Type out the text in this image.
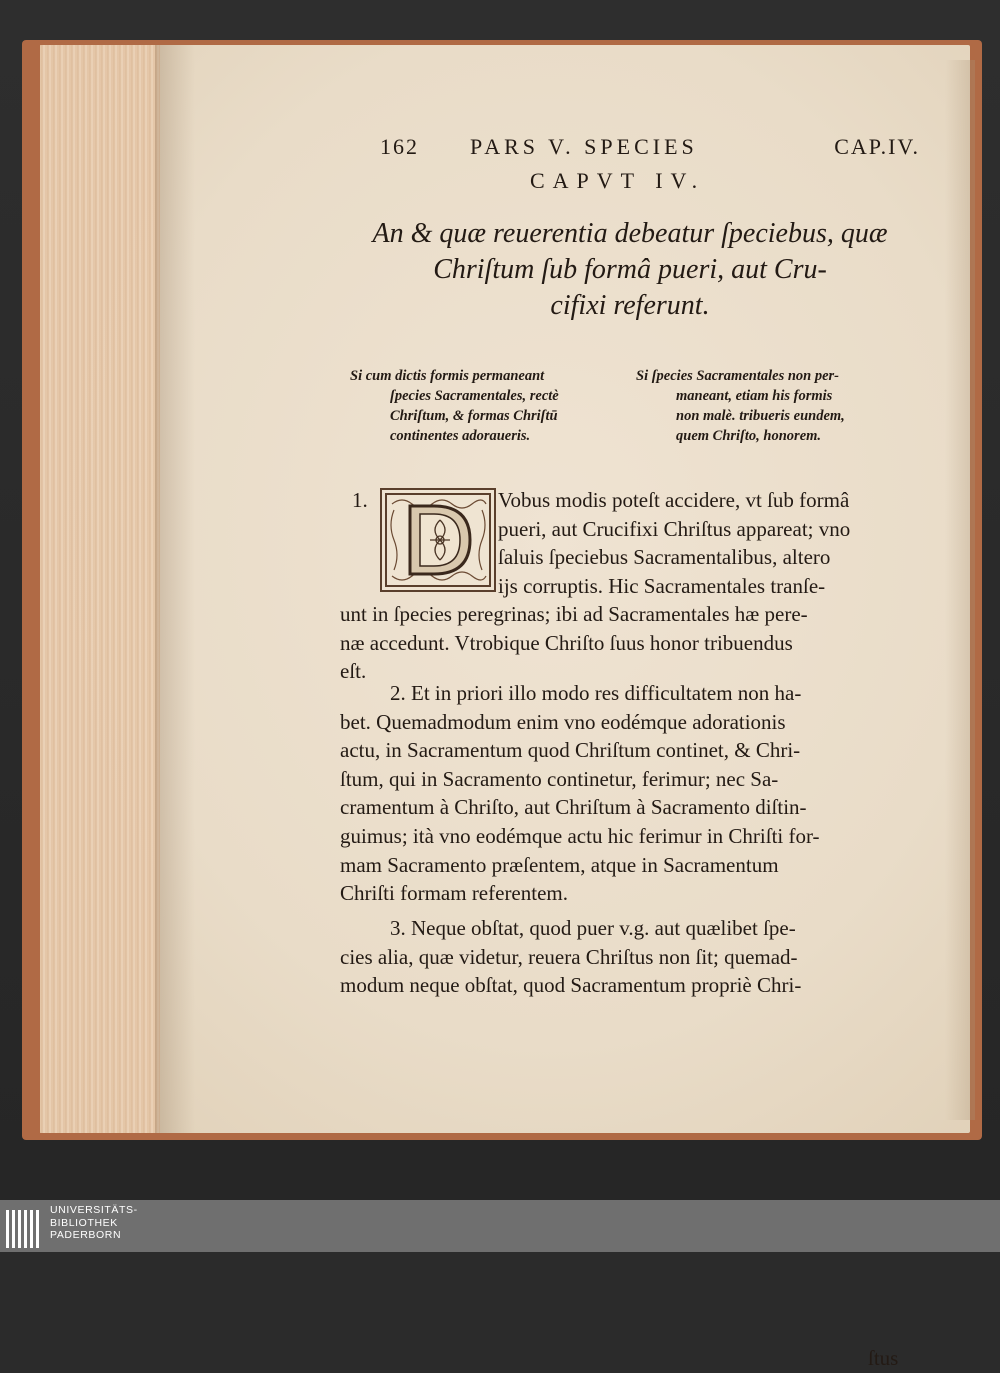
162 PARS V. SPECIES	CAP.IV.
CAPVT IV.
An & quæ reuerentia debeatur ſpeciebus, quæ
Chriſtum ſub formâ pueri, aut Cru-
cifixi referunt.
Si cum dictis formis permaneant
ſpecies Sacramentales, rectè
Chriſtum, & formas Chriſtū
continentes adoraueris.
Si ſpecies Sacramentales non per-
maneant, etiam his formis
non malè. tribueris eundem,
quem Chriſto, honorem.
1.	Vobus modis poteſt accidere, vt ſub formâ
pueri, aut Crucifixi Chriſtus appareat; vno
ſaluis ſpeciebus Sacramentalibus, altero
ijs corruptis. Hic Sacramentales tranſe-
unt in ſpecies peregrinas; ibi ad Sacramentales hæ pere-
næ accedunt. Vtrobique Chriſto ſuus honor tribuendus
eſt.
2. Et in priori illo modo res difficultatem non ha-
bet. Quemadmodum enim vno eodémque adorationis
actu, in Sacramentum quod Chriſtum continet, & Chri-
ſtum, qui in Sacramento continetur, ferimur; nec Sa-
cramentum à Chriſto, aut Chriſtum à Sacramento diſtin-
guimus; ità vno eodémque actu hic ferimur in Chriſti for-
mam Sacramento præſentem, atque in Sacramentum
Chriſti formam referentem.
3. Neque obſtat, quod puer v.g. aut quælibet ſpe-
cies alia, quæ videtur, reuera Chriſtus non ſit; quemad-
modum neque obſtat, quod Sacramentum propriè Chri-
ſtus
UNIVERSITÄTS-
BIBLIOTHEK
PADERBORN
